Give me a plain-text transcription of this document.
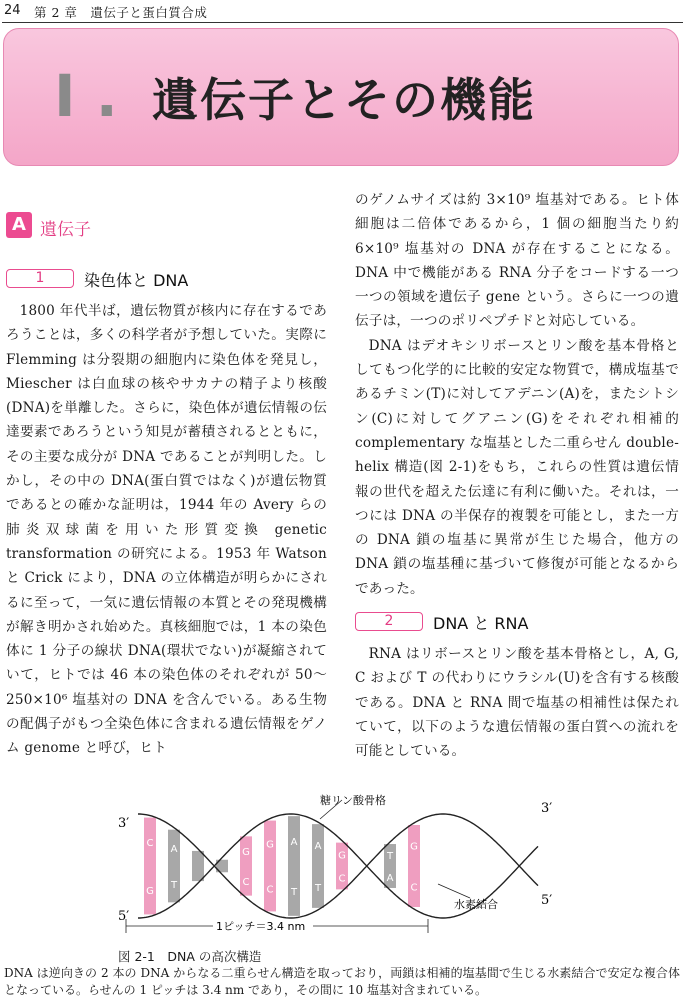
24 第 2 章　遺伝子と蛋白質合成
I . 遺伝子とその機能
A 遺伝子
1	染色体と DNA

1800 年代半ば，遺伝物質が核内に存在するであろうことは，多くの科学者が予想していた。実際に Flemming は分裂期の細胞内に染色体を発見し，Miescher は白血球の核やサカナの精子より核酸(DNA)を単離した。さらに，染色体が遺伝情報の伝達要素であろうという知見が蓄積されるとともに，その主要な成分が DNA であることが判明した。しかし，その中の DNA(蛋白質ではなく)が遺伝物質であるとの確かな証明は，1944 年の Avery らの肺炎双球菌を用いた形質変換 genetic transformation の研究による。1953 年 Watson と Crick により，DNA の立体構造が明らかにされるに至って，一気に遺伝情報の本質とその発現機構が解き明かされ始めた。真核細胞では，1 本の染色体に 1 分子の線状 DNA(環状でない)が凝縮されていて，ヒトでは 46 本の染色体のそれぞれが 50〜250×10⁶ 塩基対の DNA を含んでいる。ある生物の配偶子がもつ全染色体に含まれる遺伝情報をゲノム genome と呼び，ヒト

のゲノムサイズは約 3×10⁹ 塩基対である。ヒト体細胞は二倍体であるから，1 個の細胞当たり約 6×10⁹ 塩基対の DNA が存在することになる。DNA 中で機能がある RNA 分子をコードする一つ一つの領域を遺伝子 gene という。さらに一つの遺伝子は，一つのポリペプチドと対応している。

DNA はデオキシリボースとリン酸を基本骨格としてもつ化学的に比較的安定な物質で，構成塩基であるチミン(T)に対してアデニン(A)を，またシトシン(C)に対してグアニン(G)をそれぞれ相補的 complementary な塩基とした二重らせん double-helix 構造(図 2-1)をもち，これらの性質は遺伝情報の世代を超えた伝達に有利に働いた。それは，一つには DNA の半保存的複製を可能とし，また一方の DNA 鎖の塩基に異常が生じた場合，他方の DNA 鎖の塩基種に基づいて修復が可能となるからであった。

2	DNA と RNA

RNA はリボースとリン酸を基本骨格とし，A, G, C および T の代わりにウラシル(U)を含有する核酸である。DNA と RNA 間で塩基の相補性は保たれていて，以下のような遺伝情報の蛋白質への流れを可能としている。

C
G
A
T
G
C
G
C
A
T
A
T
G
C
T
A
G
C
糖リン酸骨格
水素結合
1ピッチ＝3.4 nm
3′
5′
3′
5′
図 2-1　DNA の高次構造
DNA は逆向きの 2 本の DNA からなる二重らせん構造を取っており，両鎖は相補的塩基間で生じる水素結合で安定な複合体となっている。らせんの 1 ピッチは 3.4 nm であり，その間に 10 塩基対含まれている。
